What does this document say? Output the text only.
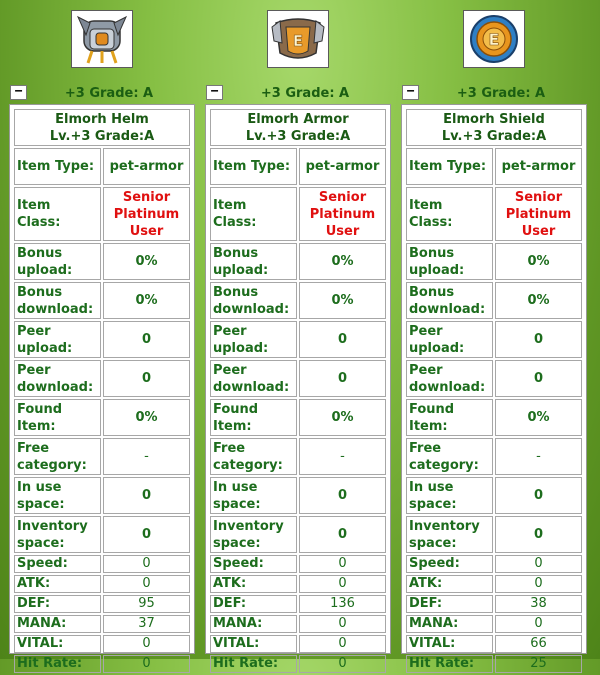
−	+3 Grade: A
Elmorh Helm
Lv.+3 Grade:A	
Item Type:	pet-armor
Item Class:	Senior
Platinum
User
Bonus upload:	0%
Bonus download:	0%
Peer upload:	0
Peer download:	0
Found Item:	0%
Free category:	-
In use space:	0
Inventory space:	0
Speed:	0
ATK:	0
DEF:	95
MANA:	37
VITAL:	0
Hit Rate:	0
E
−	+3 Grade: A
Elmorh Armor
Lv.+3 Grade:A	
Item Type:	pet-armor
Item Class:	Senior
Platinum
User
Bonus upload:	0%
Bonus download:	0%
Peer upload:	0
Peer download:	0
Found Item:	0%
Free category:	-
In use space:	0
Inventory space:	0
Speed:	0
ATK:	0
DEF:	136
MANA:	0
VITAL:	0
Hit Rate:	0
E
−	+3 Grade: A
Elmorh Shield
Lv.+3 Grade:A	
Item Type:	pet-armor
Item Class:	Senior
Platinum
User
Bonus upload:	0%
Bonus download:	0%
Peer upload:	0
Peer download:	0
Found Item:	0%
Free category:	-
In use space:	0
Inventory space:	0
Speed:	0
ATK:	0
DEF:	38
MANA:	0
VITAL:	66
Hit Rate:	25
